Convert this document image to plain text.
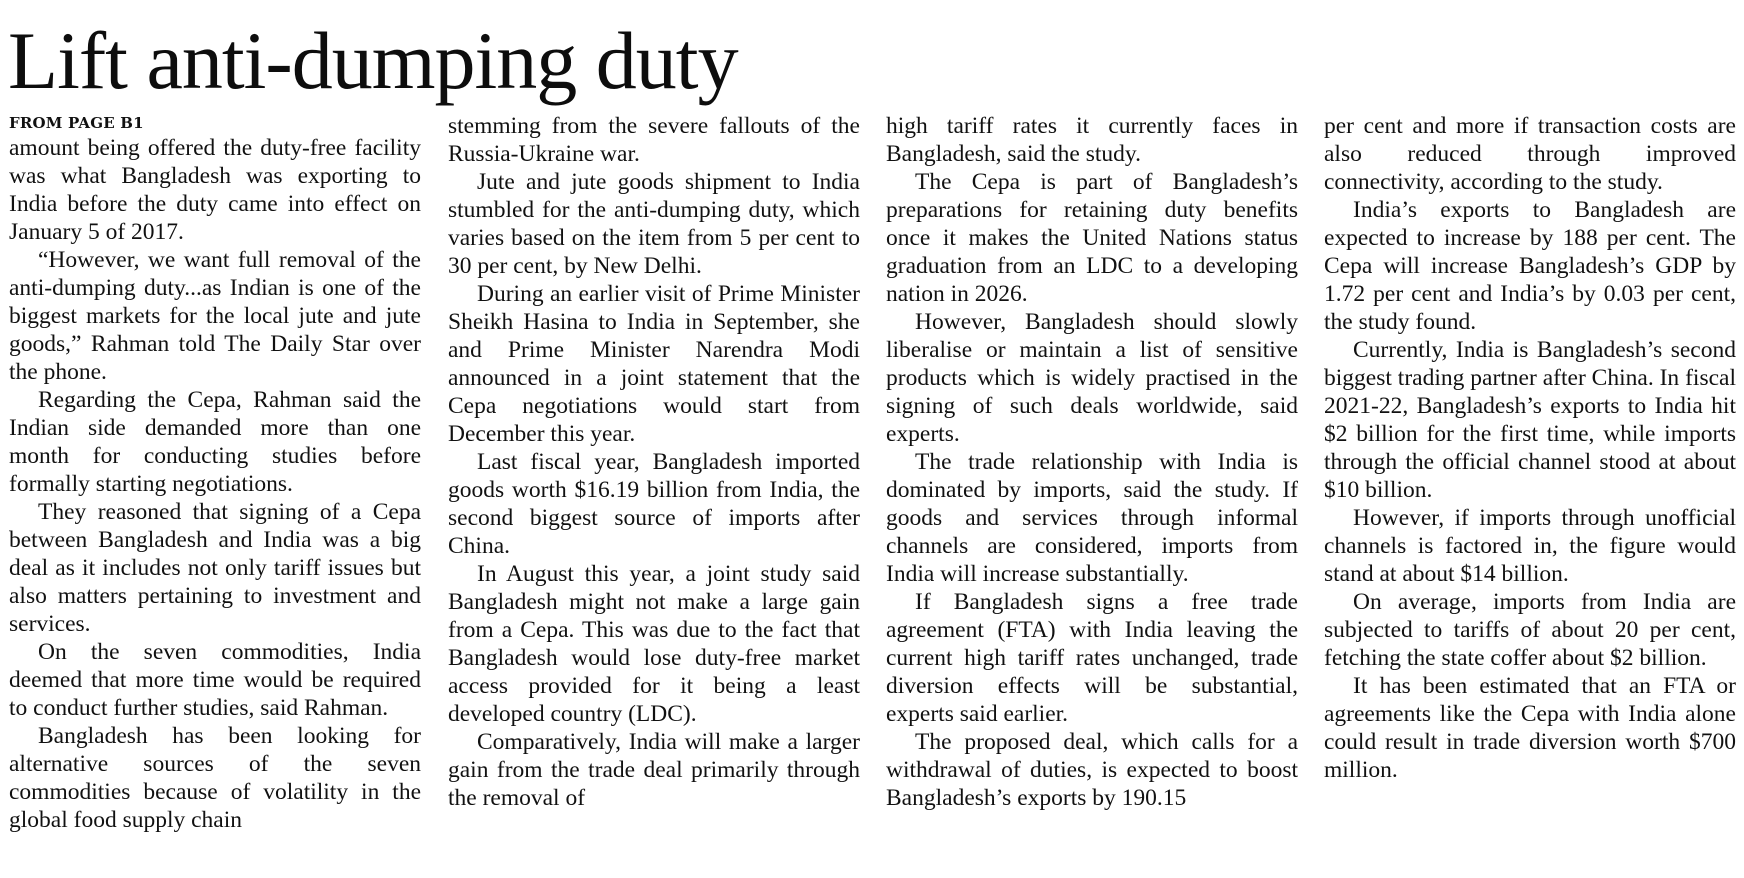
Lift anti-dumping duty
FROM PAGE B1

amount being offered the duty-free facility was what Bangladesh was exporting to India before the duty came into effect on January 5 of 2017.

“However, we want full removal of the anti-dumping duty...as Indian is one of the biggest markets for the local jute and jute goods,” Rahman told The Daily Star over the phone.

Regarding the Cepa, Rahman said the Indian side demanded more than one month for conducting studies before formally starting negotiations.

They reasoned that signing of a Cepa between Bangladesh and India was a big deal as it includes not only tariff issues but also matters pertaining to investment and services.

On the seven commodities, India deemed that more time would be required to conduct further studies, said Rahman.

Bangladesh has been looking for alternative sources of the seven commodities because of volatility in the global food supply chain

stemming from the severe fallouts of the Russia-Ukraine war.

Jute and jute goods shipment to India stumbled for the anti-dumping duty, which varies based on the item from 5 per cent to 30 per cent, by New Delhi.

During an earlier visit of Prime Minister Sheikh Hasina to India in September, she and Prime Minister Narendra Modi announced in a joint statement that the Cepa negotiations would start from December this year.

Last fiscal year, Bangladesh imported goods worth $16.19 billion from India, the second biggest source of imports after China.

In August this year, a joint study said Bangladesh might not make a large gain from a Cepa. This was due to the fact that Bangladesh would lose duty-free market access provided for it being a least developed country (LDC).

Comparatively, India will make a larger gain from the trade deal primarily through the removal of

high tariff rates it currently faces in Bangladesh, said the study.

The Cepa is part of Bangladesh’s preparations for retaining duty benefits once it makes the United Nations status graduation from an LDC to a developing nation in 2026.

However, Bangladesh should slowly liberalise or maintain a list of sensitive products which is widely practised in the signing of such deals worldwide, said experts.

The trade relationship with India is dominated by imports, said the study. If goods and services through informal channels are considered, imports from India will increase substantially.

If Bangladesh signs a free trade agreement (FTA) with India leaving the current high tariff rates unchanged, trade diversion effects will be substantial, experts said earlier.

The proposed deal, which calls for a withdrawal of duties, is expected to boost Bangladesh’s exports by 190.15

per cent and more if transaction costs are also reduced through improved connectivity, according to the study.

India’s exports to Bangladesh are expected to increase by 188 per cent. The Cepa will increase Bangladesh’s GDP by 1.72 per cent and India’s by 0.03 per cent, the study found.

Currently, India is Bangladesh’s second biggest trading partner after China. In fiscal 2021-22, Bangladesh’s exports to India hit $2 billion for the first time, while imports through the official channel stood at about $10 billion.

However, if imports through unofficial channels is factored in, the figure would stand at about $14 billion.

On average, imports from India are subjected to tariffs of about 20 per cent, fetching the state coffer about $2 billion.

It has been estimated that an FTA or agreements like the Cepa with India alone could result in trade diversion worth $700 million.
